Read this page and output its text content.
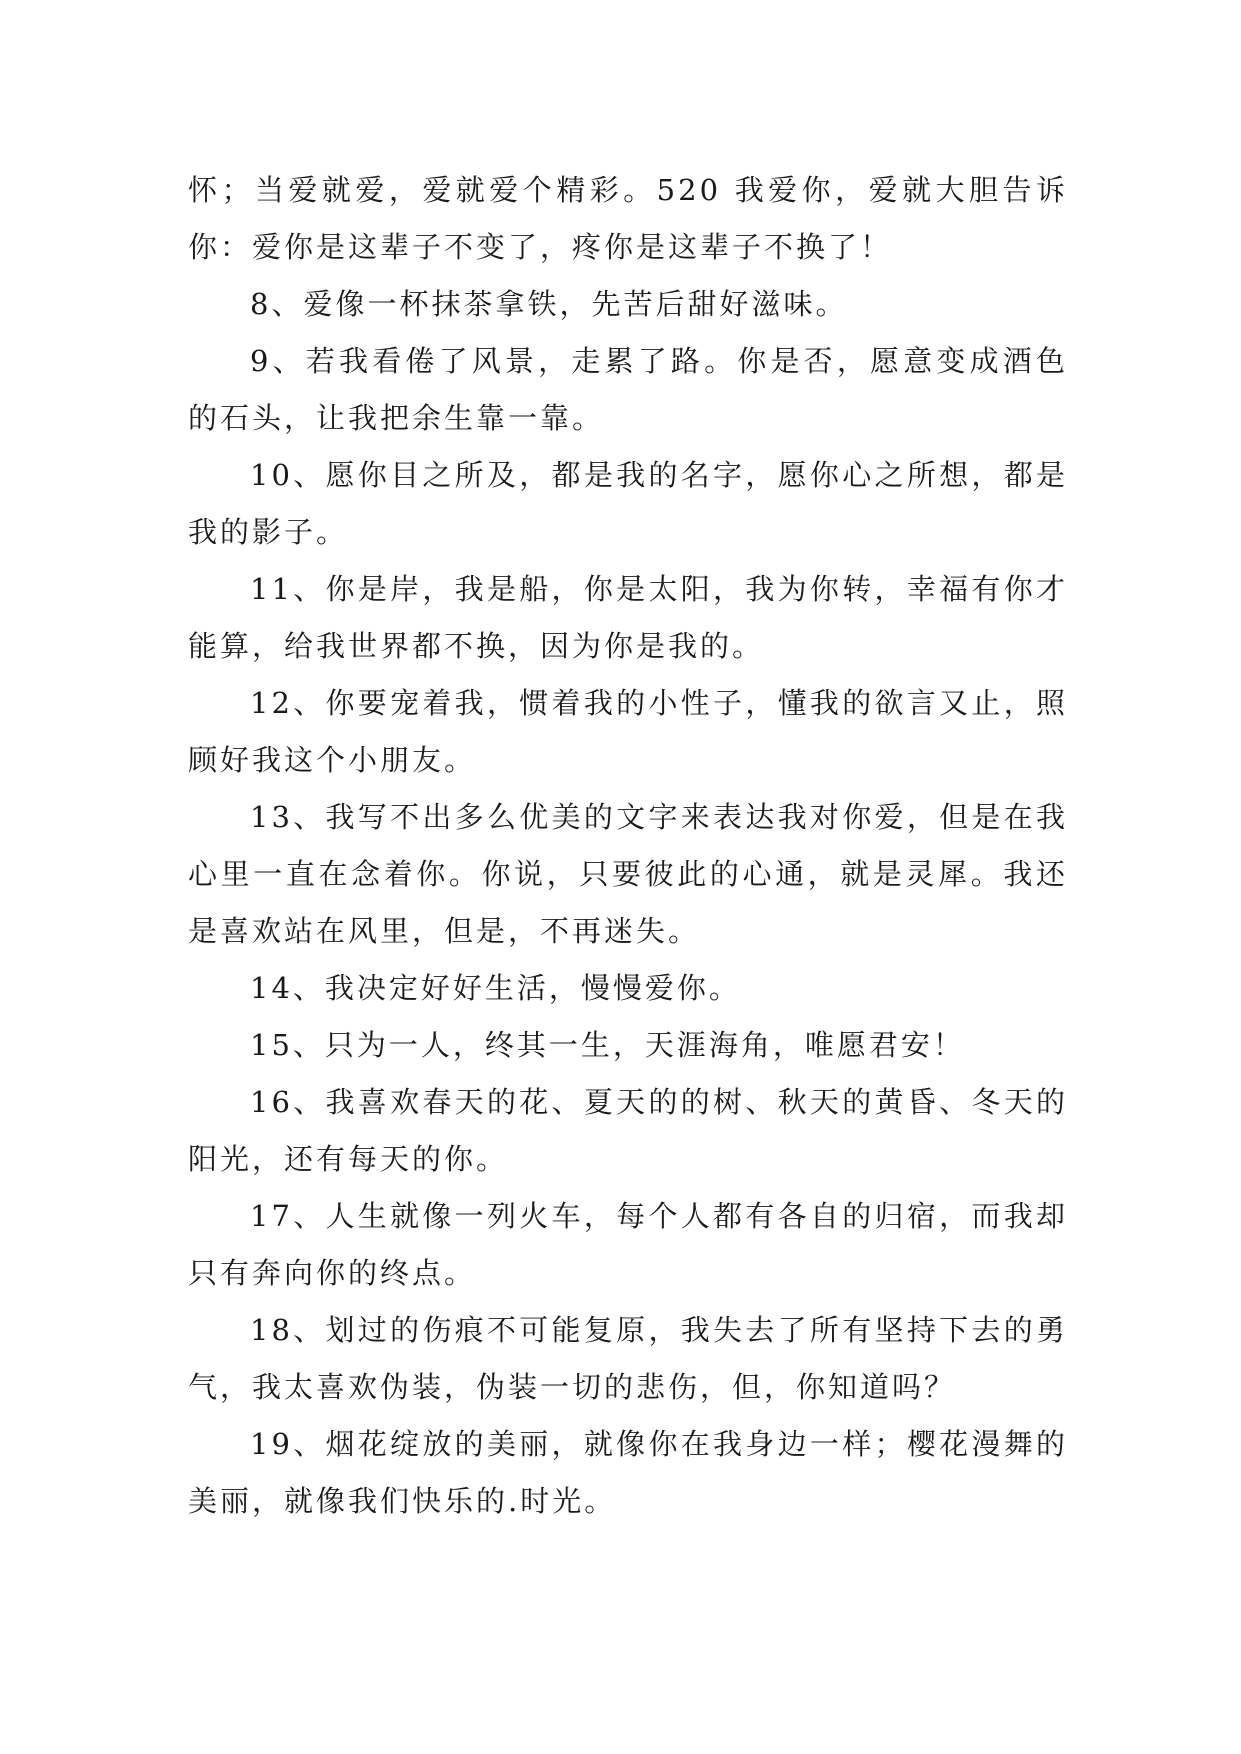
怀；当爱就爱，爱就爱个精彩。520 我爱你，爱就大胆告诉你：爱你是这辈子不变了，疼你是这辈子不换了！

8、爱像一杯抹茶拿铁，先苦后甜好滋味。

9、若我看倦了风景，走累了路。你是否，愿意变成酒色的石头，让我把余生靠一靠。

10、愿你目之所及，都是我的名字，愿你心之所想，都是我的影子。

11、你是岸，我是船，你是太阳，我为你转，幸福有你才能算，给我世界都不换，因为你是我的。

12、你要宠着我，惯着我的小性子，懂我的欲言又止，照顾好我这个小朋友。

13、我写不出多么优美的文字来表达我对你爱，但是在我心里一直在念着你。你说，只要彼此的心通，就是灵犀。我还是喜欢站在风里，但是，不再迷失。

14、我决定好好生活，慢慢爱你。

15、只为一人，终其一生，天涯海角，唯愿君安！

16、我喜欢春天的花、夏天的的树、秋天的黄昏、冬天的阳光，还有每天的你。

17、人生就像一列火车，每个人都有各自的归宿，而我却只有奔向你的终点。

18、划过的伤痕不可能复原，我失去了所有坚持下去的勇气，我太喜欢伪装，伪装一切的悲伤，但，你知道吗？

19、烟花绽放的美丽，就像你在我身边一样；樱花漫舞的美丽，就像我们快乐的.时光。
